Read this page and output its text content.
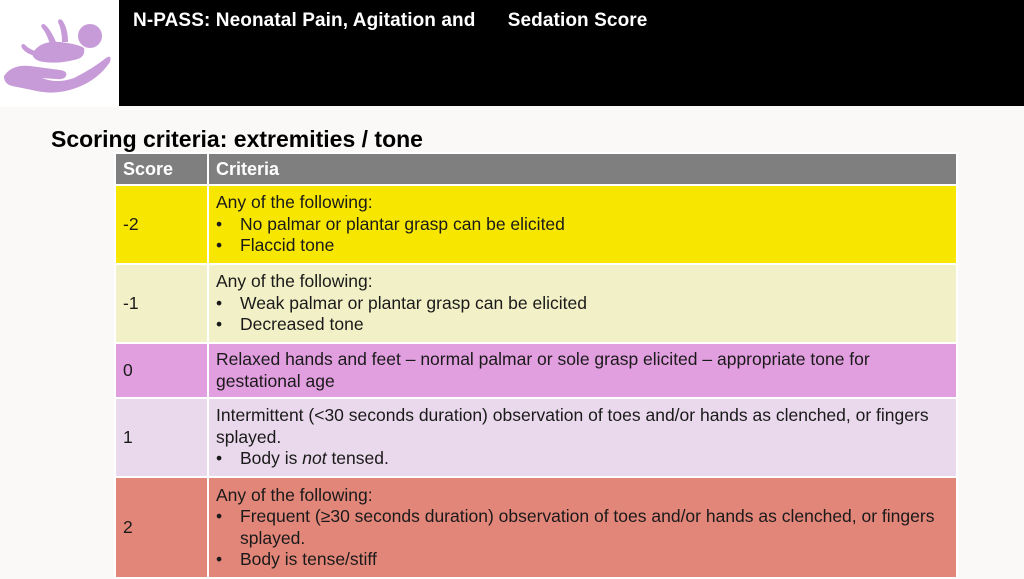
N-PASS: Neonatal Pain, Agitation and      Sedation Score
Scoring criteria: extremities / tone
Score	Criteria
-2	Any of the following:
• No palmar or plantar grasp can be elicited
• Flaccid tone

-1	Any of the following:
• Weak palmar or plantar grasp can be elicited
• Decreased tone

0	Relaxed hands and feet – normal palmar or sole grasp elicited – appropriate tone for gestational age

1	Intermittent (<30 seconds duration) observation of toes and/or hands as clenched, or fingers splayed.
• Body is not tensed.

2	Any of the following:
• Frequent (≥30 seconds duration) observation of toes and/or hands as clenched, or fingers splayed.
• Body is tense/stiff
